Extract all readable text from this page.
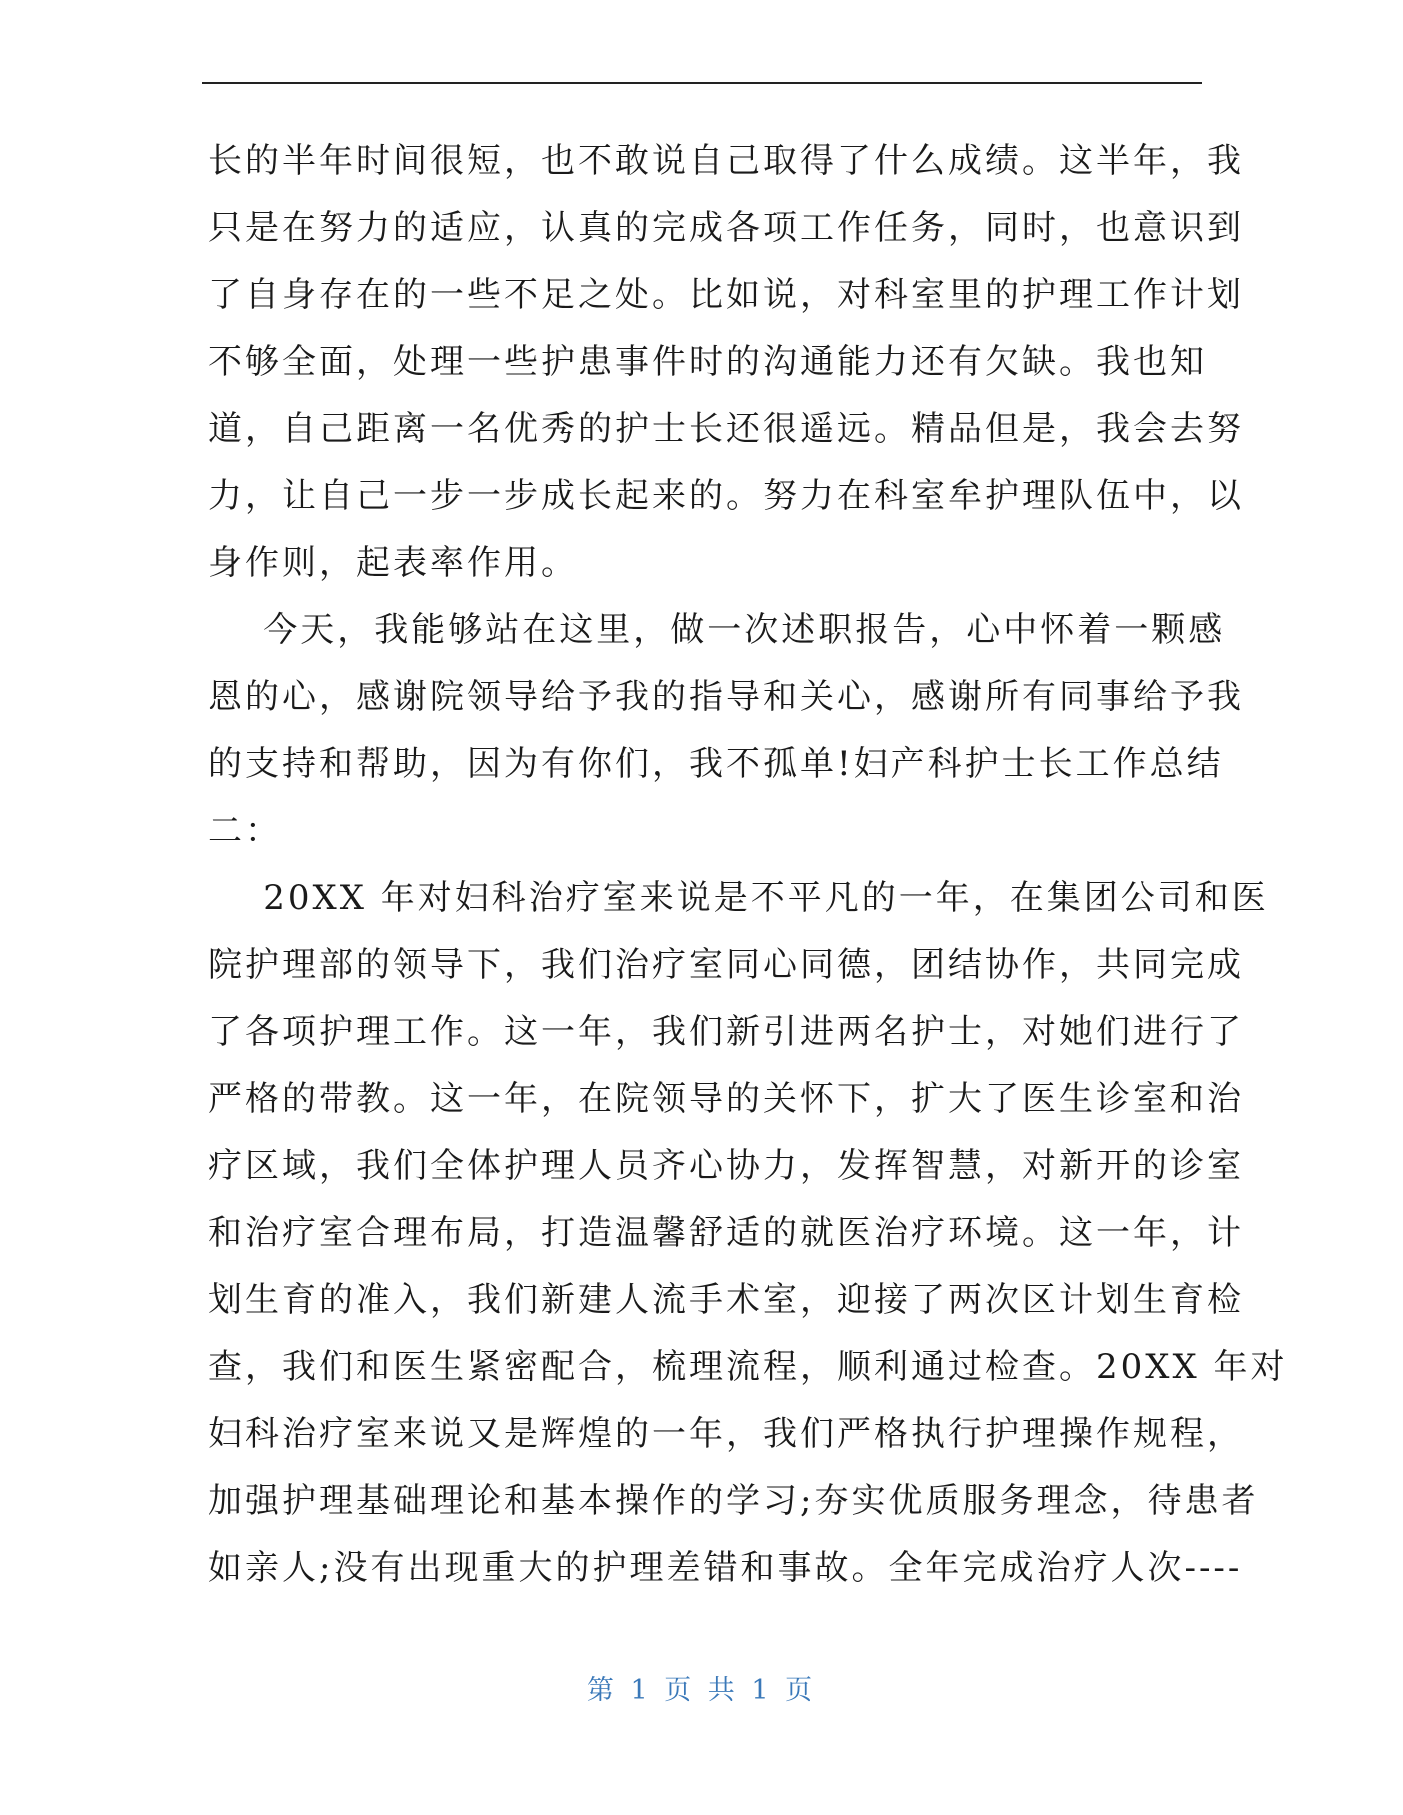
长的半年时间很短，也不敢说自己取得了什么成绩。这半年，我
只是在努力的适应，认真的完成各项工作任务，同时，也意识到
了自身存在的一些不足之处。比如说，对科室里的护理工作计划
不够全面，处理一些护患事件时的沟通能力还有欠缺。我也知
道，自己距离一名优秀的护士长还很遥远。精品但是，我会去努
力，让自己一步一步成长起来的。努力在科室牟护理队伍中，以
身作则，起表率作用。
今天，我能够站在这里，做一次述职报告，心中怀着一颗感
恩的心，感谢院领导给予我的指导和关心，感谢所有同事给予我
的支持和帮助，因为有你们，我不孤单!妇产科护士长工作总结
二：
20XX 年对妇科治疗室来说是不平凡的一年，在集团公司和医
院护理部的领导下，我们治疗室同心同德，团结协作，共同完成
了各项护理工作。这一年，我们新引进两名护士，对她们进行了
严格的带教。这一年，在院领导的关怀下，扩大了医生诊室和治
疗区域，我们全体护理人员齐心协力，发挥智慧，对新开的诊室
和治疗室合理布局，打造温馨舒适的就医治疗环境。这一年，计
划生育的准入，我们新建人流手术室，迎接了两次区计划生育检
查，我们和医生紧密配合，梳理流程，顺利通过检查。20XX 年对
妇科治疗室来说又是辉煌的一年，我们严格执行护理操作规程，
加强护理基础理论和基本操作的学习;夯实优质服务理念，待患者
如亲人;没有出现重大的护理差错和事故。全年完成治疗人次----
第 1 页 共 1 页
